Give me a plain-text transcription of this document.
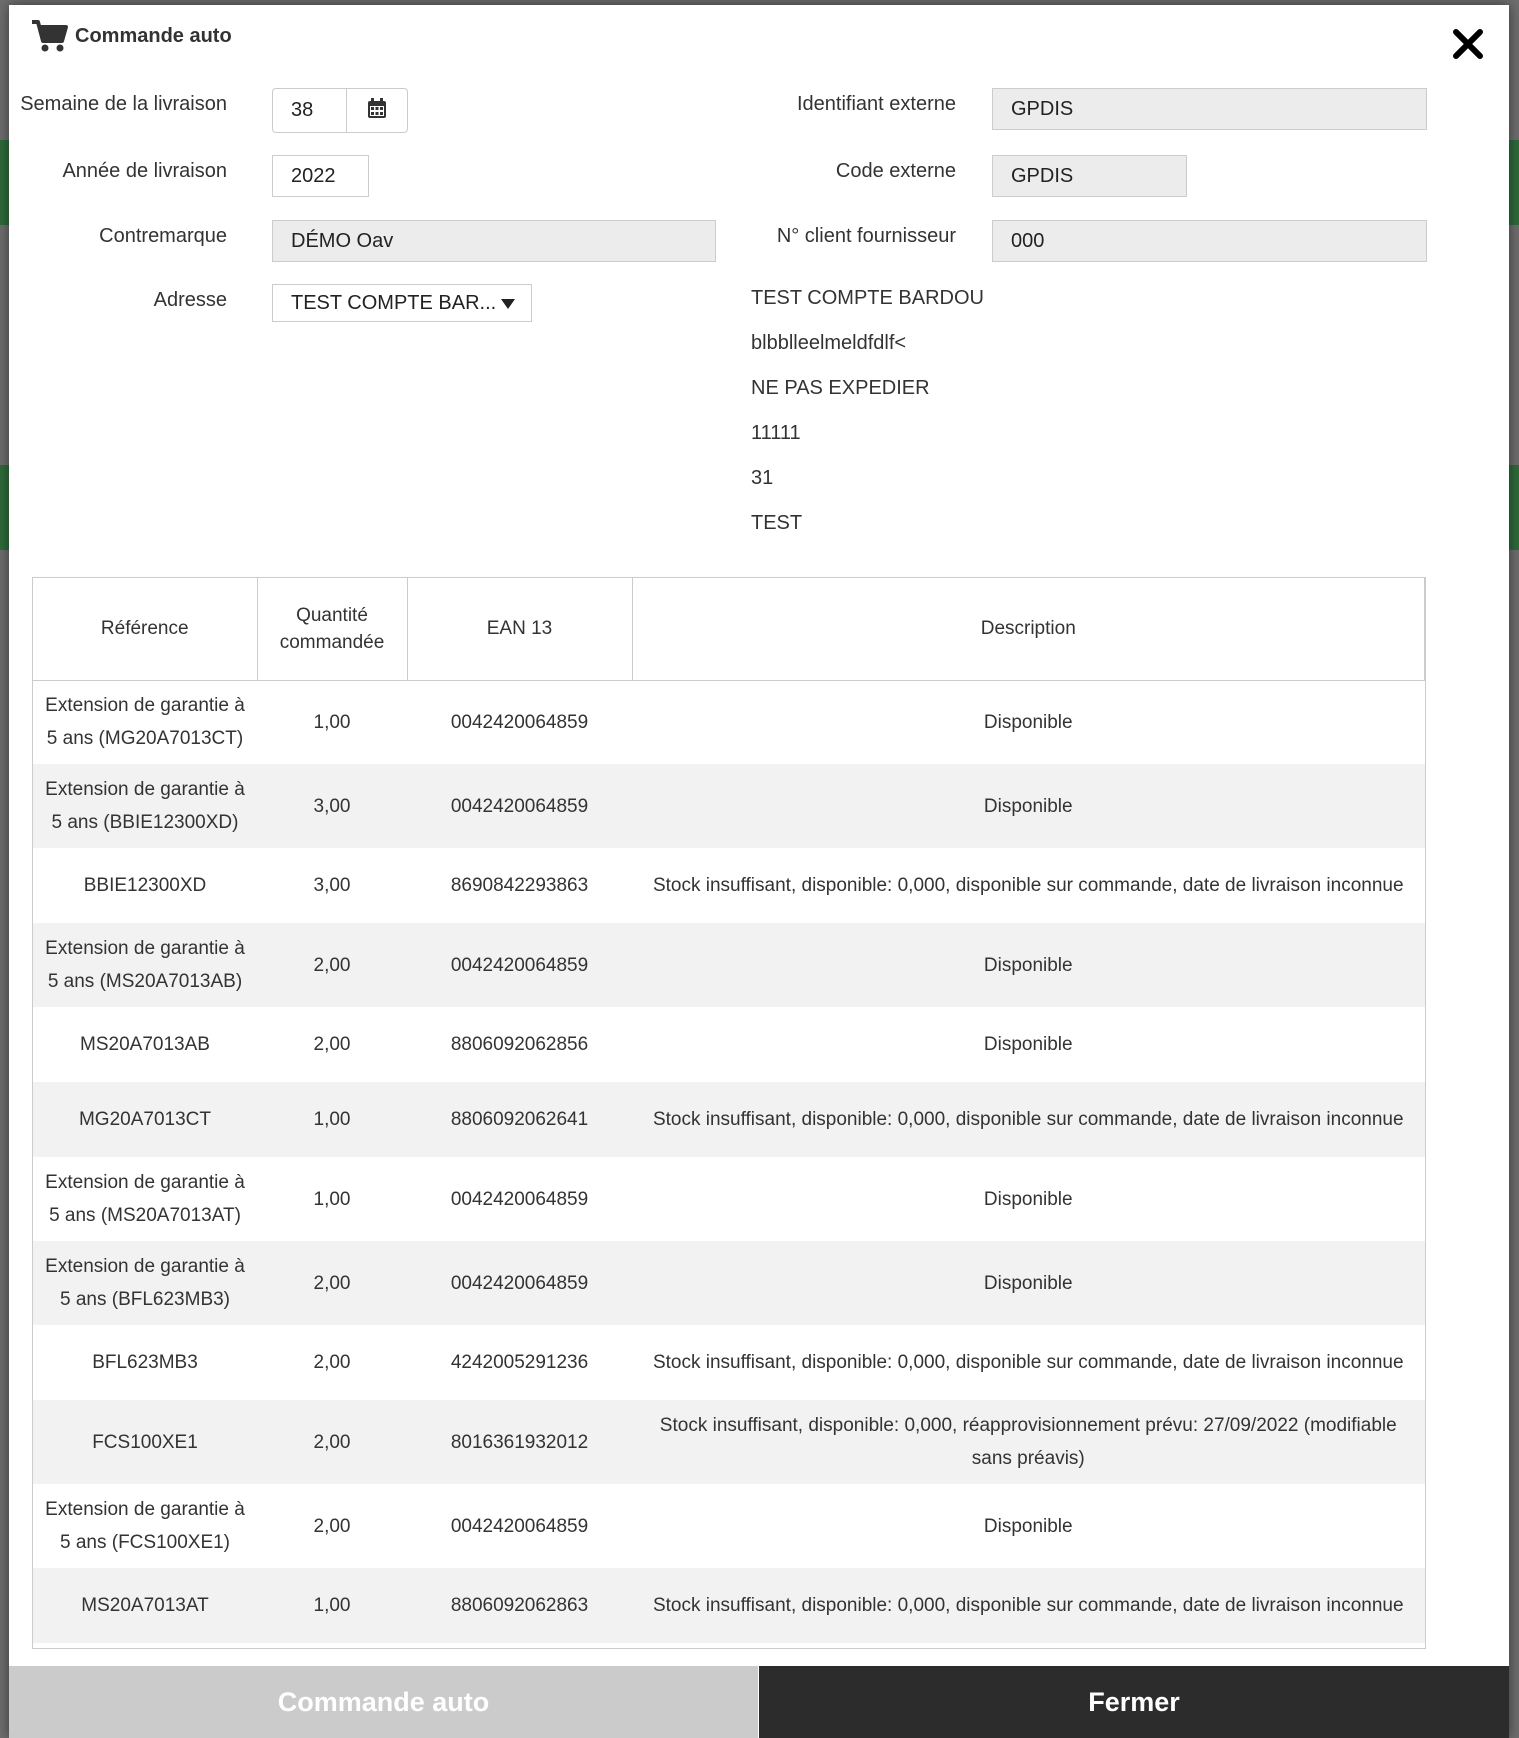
Commande auto
Semaine de la livraison	38
Année de livraison	2022
Contremarque	DÉMO Oav
Adresse	TEST COMPTE BAR...
Identifiant externe	GPDIS
Code externe	GPDIS
N° client fournisseur	000
TEST COMPTE BARDOU
blbblleelmeldfdlf<
NE PAS EXPEDIER
11111
31
TEST
Référence	Quantité commandée	EAN 13	Description
Extension de garantie à 5 ans (MG20A7013CT)	1,00	0042420064859	Disponible
Extension de garantie à 5 ans (BBIE12300XD)	3,00	0042420064859	Disponible
BBIE12300XD	3,00	8690842293863	Stock insuffisant, disponible: 0,000, disponible sur commande, date de livraison inconnue
Extension de garantie à 5 ans (MS20A7013AB)	2,00	0042420064859	Disponible
MS20A7013AB	2,00	8806092062856	Disponible
MG20A7013CT	1,00	8806092062641	Stock insuffisant, disponible: 0,000, disponible sur commande, date de livraison inconnue
Extension de garantie à 5 ans (MS20A7013AT)	1,00	0042420064859	Disponible
Extension de garantie à 5 ans (BFL623MB3)	2,00	0042420064859	Disponible
BFL623MB3	2,00	4242005291236	Stock insuffisant, disponible: 0,000, disponible sur commande, date de livraison inconnue
FCS100XE1	2,00	8016361932012	Stock insuffisant, disponible: 0,000, réapprovisionnement prévu: 27/09/2022 (modifiable sans préavis)
Extension de garantie à 5 ans (FCS100XE1)	2,00	0042420064859	Disponible
MS20A7013AT	1,00	8806092062863	Stock insuffisant, disponible: 0,000, disponible sur commande, date de livraison inconnue
Commande auto	Fermer
